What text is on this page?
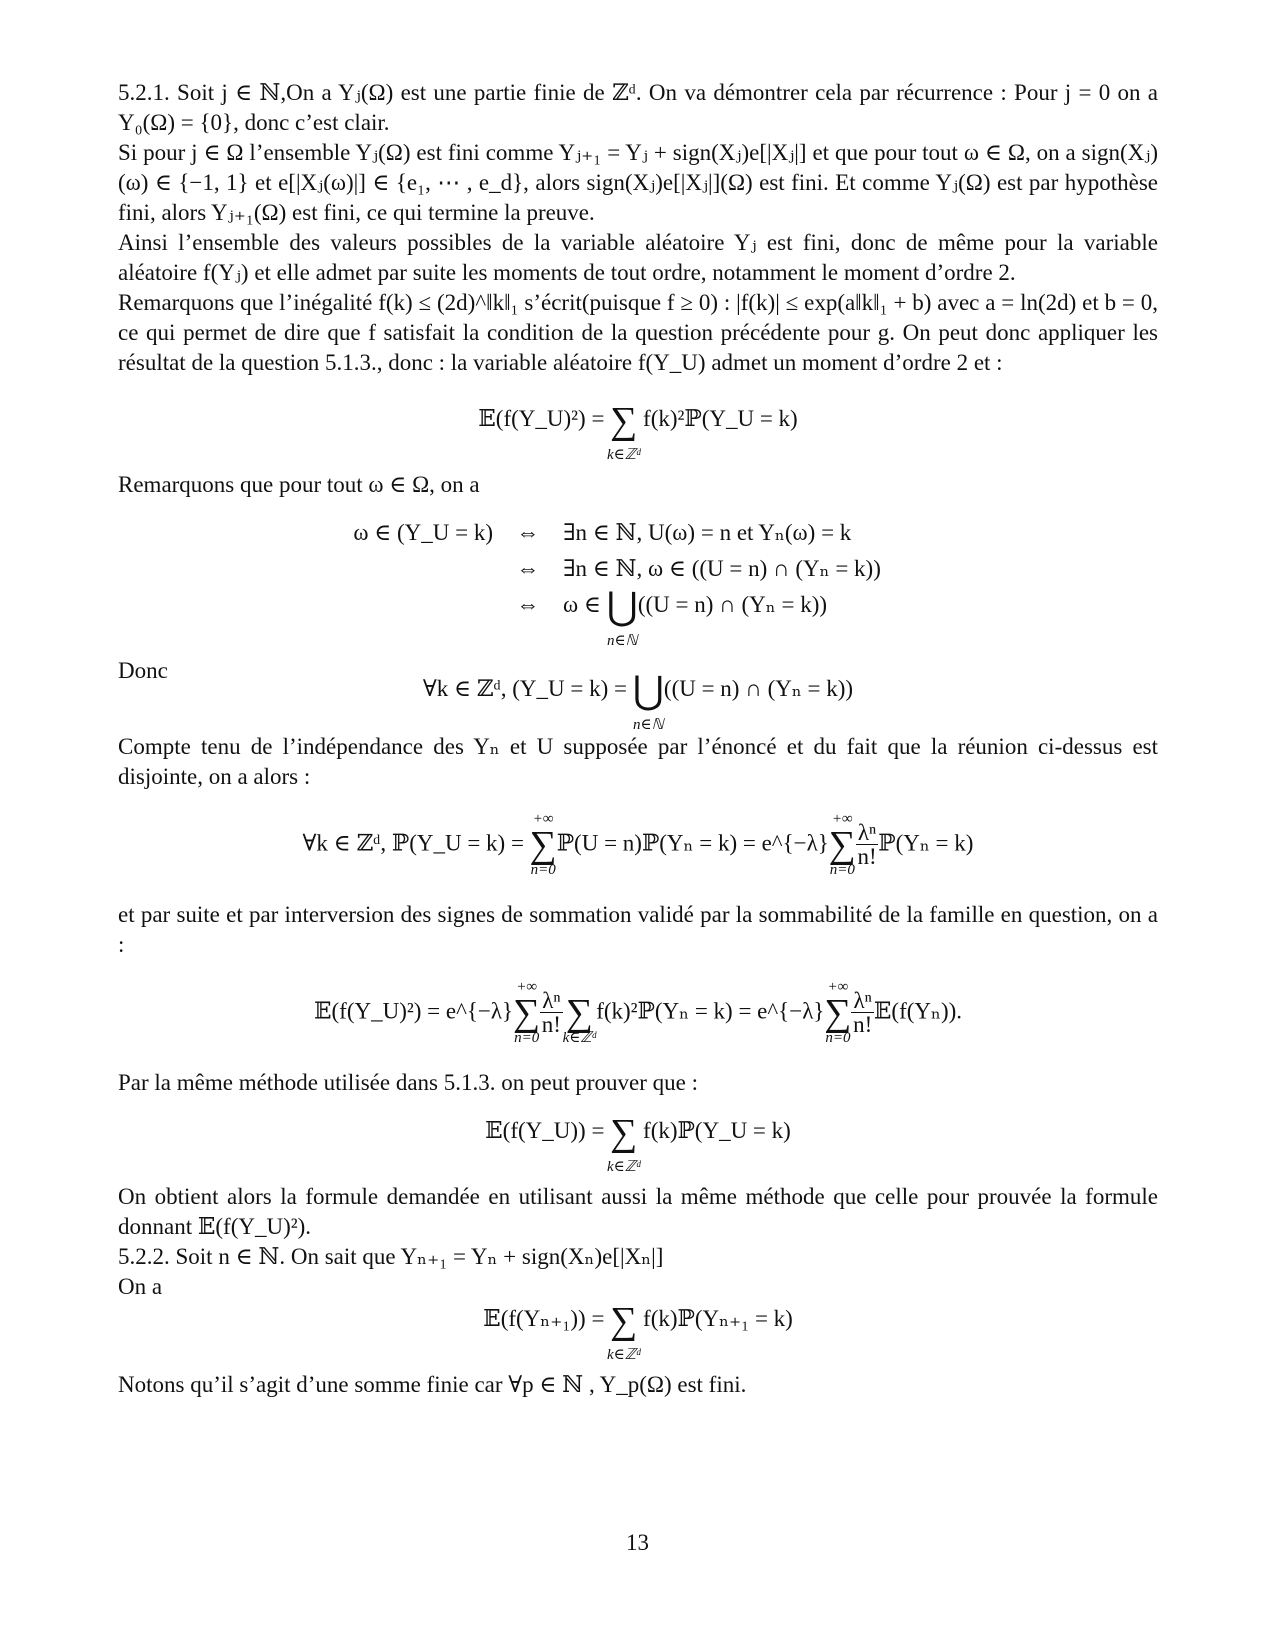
5.2.1. Soit j ∈ ℕ,On a Yⱼ(Ω) est une partie finie de ℤᵈ. On va démontrer cela par récurrence : Pour j = 0 on a Y₀(Ω) = {0}, donc c’est clair.

Si pour j ∈ Ω l’ensemble Yⱼ(Ω) est fini comme Yⱼ₊₁ = Yⱼ + sign(Xⱼ)e[|Xⱼ|] et que pour tout ω ∈ Ω, on a sign(Xⱼ)(ω) ∈ {−1, 1} et e[|Xⱼ(ω)|] ∈ {e₁, ⋯ , e_d}, alors sign(Xⱼ)e[|Xⱼ|](Ω) est fini. Et comme Yⱼ(Ω) est par hypothèse fini, alors Yⱼ₊₁(Ω) est fini, ce qui termine la preuve.

Ainsi l’ensemble des valeurs possibles de la variable aléatoire Yⱼ est fini, donc de même pour la variable aléatoire f(Yⱼ) et elle admet par suite les moments de tout ordre, notamment le moment d’ordre 2.

Remarquons que l’inégalité f(k) ≤ (2d)^‖k‖₁ s’écrit(puisque f ≥ 0) : |f(k)| ≤ exp(a‖k‖₁ + b) avec a = ln(2d) et b = 0, ce qui permet de dire que f satisfait la condition de la question précédente pour g. On peut donc appliquer les résultat de la question 5.1.3., donc : la variable aléatoire f(Y_U) admet un moment d’ordre 2 et :

𝔼(f(Y_U)²) = ∑
k∈ℤᵈ
f(k)²ℙ(Y_U = k)

Remarquons que pour tout ω ∈ Ω, on a

ω ∈ (Y_U = k) ⇔ ∃n ∈ ℕ, U(ω) = n et Yₙ(ω) = k
⇔ ∃n ∈ ℕ, ω ∈ ((U = n) ∩ (Yₙ = k))
⇔ ω ∈ ⋃
n∈ℕ
((U = n) ∩ (Yₙ = k))
Donc
∀k ∈ ℤᵈ, (Y_U = k) = ⋃
n∈ℕ
((U = n) ∩ (Yₙ = k))

Compte tenu de l’indépendance des Yₙ et U supposée par l’énoncé et du fait que la réunion ci-dessus est disjointe, on a alors :

∀k ∈ ℤᵈ, ℙ(Y_U = k) =
+∞
∑
n=0
ℙ(U = n)ℙ(Yₙ = k) = e^{−λ}
+∞
∑
n=0
$\frac{\text{λⁿ}}{n!}$ ℙ(Yₙ = k)

et par suite et par interversion des signes de sommation validé par la sommabilité de la famille en question, on a :

𝔼(f(Y_U)²) = e^{−λ}
+∞
∑
n=0
$\frac{\text{λⁿ}}{n!}$
∑
k∈ℤᵈ
f(k)²ℙ(Yₙ = k) = e^{−λ}
+∞
∑
n=0
$\frac{\text{λⁿ}}{n!}$ 𝔼(f(Yₙ)).

Par la même méthode utilisée dans 5.1.3. on peut prouver que :

𝔼(f(Y_U)) = ∑
k∈ℤᵈ
f(k)ℙ(Y_U = k)

On obtient alors la formule demandée en utilisant aussi la même méthode que celle pour prouvée la formule donnant 𝔼(f(Y_U)²).

5.2.2. Soit n ∈ ℕ. On sait que Yₙ₊₁ = Yₙ + sign(Xₙ)e[|Xₙ|]

On a

𝔼(f(Yₙ₊₁)) = ∑
k∈ℤᵈ
f(k)ℙ(Yₙ₊₁ = k)

Notons qu’il s’agit d’une somme finie car ∀p ∈ ℕ , Y_p(Ω) est fini.

13
